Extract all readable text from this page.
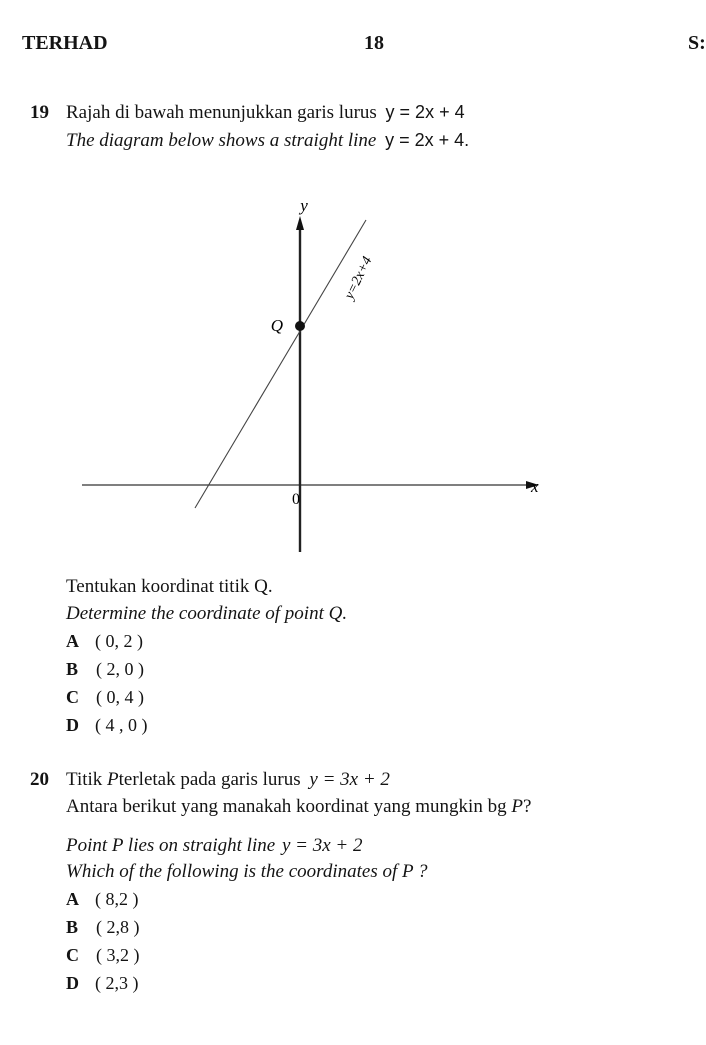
TERHAD	18	S:
19 Rajah di bawah menunjukkan garis lurus y = 2x + 4
The diagram below shows a straight line y = 2x + 4.
y
x
0
Q
y=2x+4
Tentukan koordinat titik Q.
Determine the coordinate of point Q.
A ( 0, 2 )
B ( 2, 0 )
C ( 0, 4 )
D ( 4 , 0 )
20 Titik Pterletak pada garis lurus y = 3x + 2
Antara berikut yang manakah koordinat yang mungkin bg P?
Point P lies on straight line y = 3x + 2
Which of the following is the coordinates of P ?
A ( 8,2 )
B ( 2,8 )
C ( 3,2 )
D ( 2,3 )
